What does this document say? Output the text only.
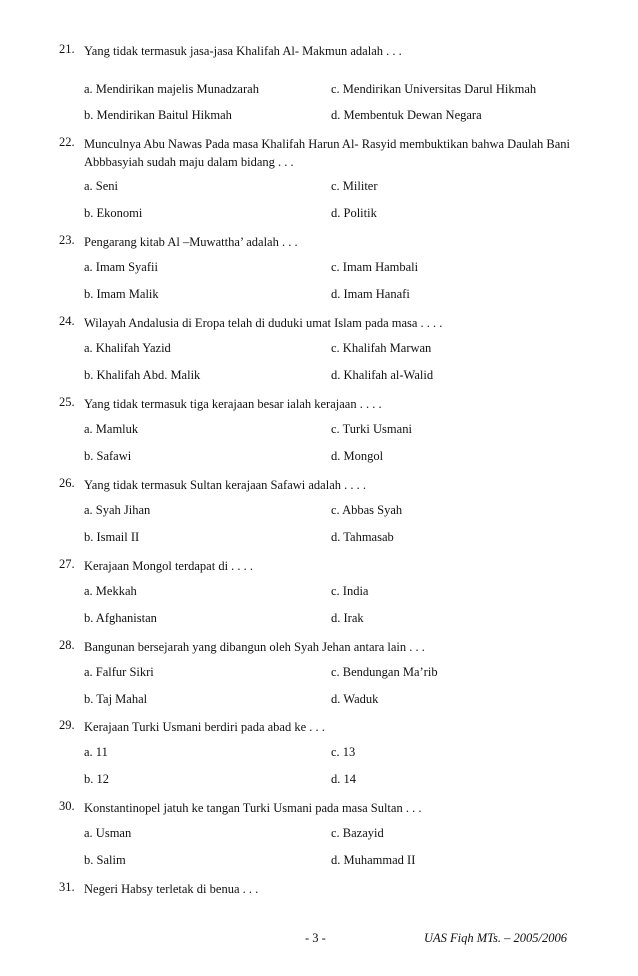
21. Yang tidak termasuk jasa-jasa Khalifah Al- Makmun adalah . . .
a. Mendirikan majelis Munadzarah	c. Mendirikan Universitas Darul Hikmah
b. Mendirikan Baitul Hikmah	d. Membentuk Dewan Negara
22. Munculnya Abu Nawas Pada masa Khalifah Harun Al- Rasyid membuktikan bahwa Daulah Bani Abbbasyiah sudah maju dalam bidang . . .
a. Seni	c. Militer
b. Ekonomi	d. Politik
23. Pengarang kitab Al –Muwattha’ adalah . . .
a. Imam Syafii	c. Imam Hambali
b. Imam Malik	d. Imam Hanafi
24. Wilayah Andalusia di Eropa telah di duduki umat Islam pada masa . . . .
a. Khalifah Yazid	c. Khalifah Marwan
b. Khalifah Abd. Malik	d. Khalifah al-Walid
25. Yang tidak termasuk tiga kerajaan besar ialah kerajaan . . . .
a. Mamluk	c. Turki Usmani
b. Safawi	d. Mongol
26. Yang tidak termasuk Sultan kerajaan Safawi adalah . . . .
a. Syah Jihan	c. Abbas Syah
b. Ismail II	d. Tahmasab
27. Kerajaan Mongol terdapat di . . . .
a. Mekkah	c. India
b. Afghanistan	d. Irak
28. Bangunan bersejarah yang dibangun oleh Syah Jehan antara lain . . .
a. Falfur Sikri	c. Bendungan Ma’rib
b. Taj Mahal	d. Waduk
29. Kerajaan Turki Usmani berdiri pada abad ke . . .
a. 11	c. 13
b. 12	d. 14
30. Konstantinopel jatuh ke tangan Turki Usmani pada masa Sultan . . .
a. Usman	c. Bazayid
b. Salim	d. Muhammad II
31. Negeri Habsy terletak di benua . . .
- 3 -	UAS Fiqh MTs. – 2005/2006
